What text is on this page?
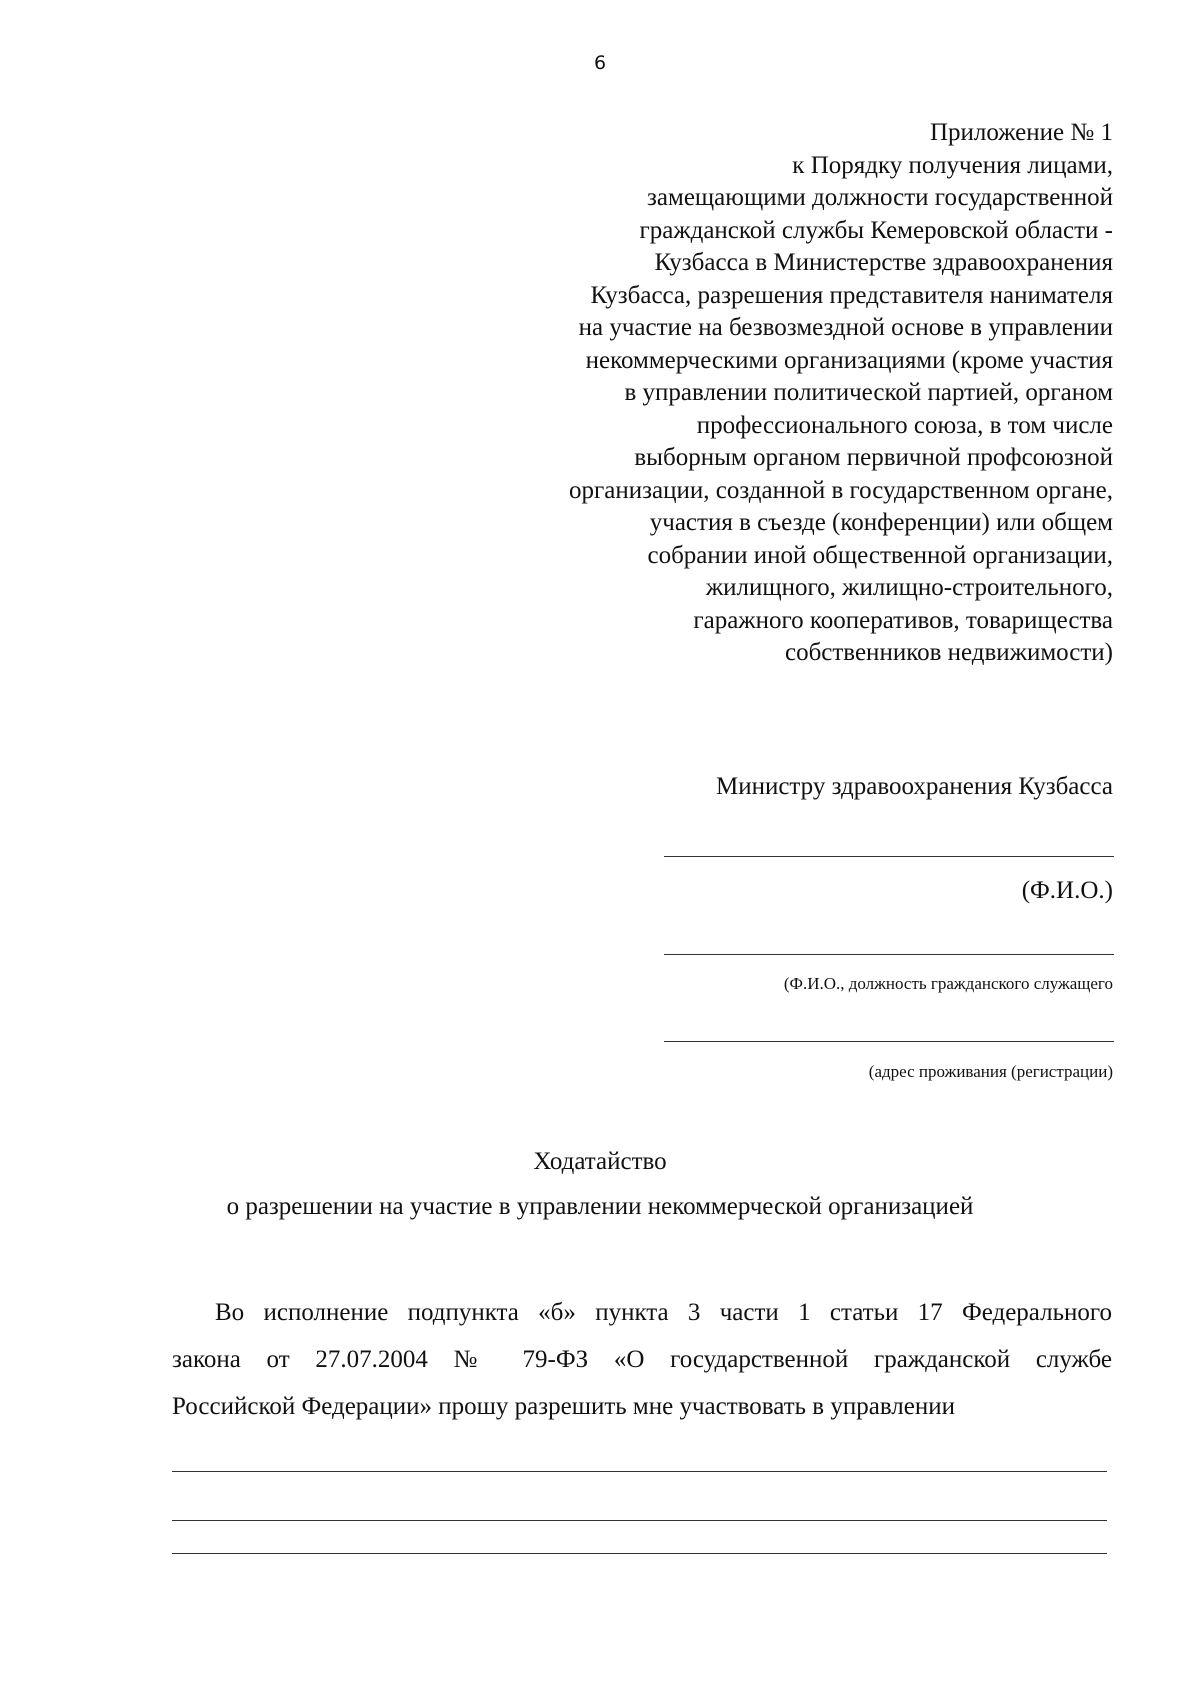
6
Приложение № 1
к Порядку получения лицами,
замещающими должности государственной
гражданской службы Кемеровской области -
Кузбасса в Министерстве здравоохранения
Кузбасса, разрешения представителя нанимателя
на участие на безвозмездной основе в управлении
некоммерческими организациями (кроме участия
в управлении политической партией, органом
профессионального союза, в том числе
выборным органом первичной профсоюзной
организации, созданной в государственном органе,
участия в съезде (конференции) или общем
собрании иной общественной организации,
жилищного, жилищно-строительного,
гаражного кооперативов, товарищества
собственников недвижимости)
Министру здравоохранения Кузбасса
(Ф.И.О.)
(Ф.И.О., должность гражданского служащего
(адрес проживания (регистрации)
Ходатайство
о разрешении на участие в управлении некоммерческой организацией
Во исполнение подпункта «б» пункта 3 части 1 статьи 17 Федерального
закона от 27.07.2004 № 79-ФЗ «О государственной гражданской службе
Российской Федерации» прошу разрешить мне участвовать в управлении
